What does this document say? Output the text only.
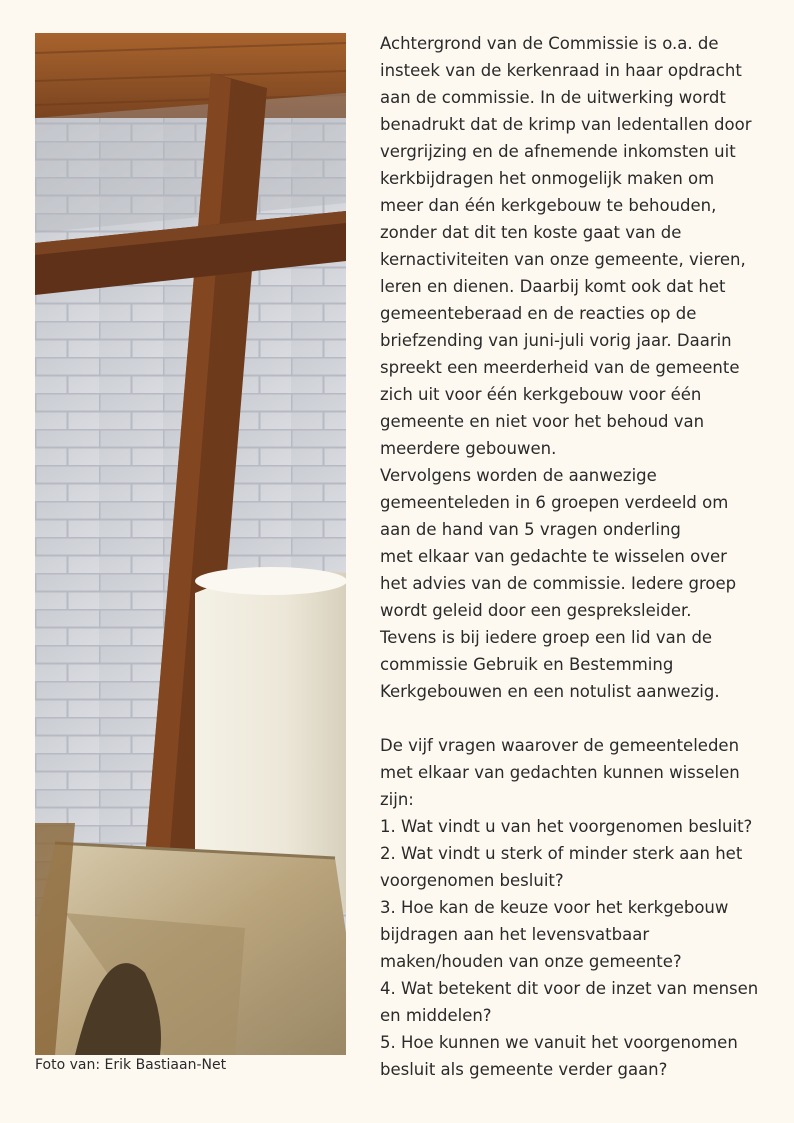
Foto van: Erik Bastiaan-Net

Achtergrond van de Commissie is o.a. de

insteek van de kerkenraad in haar opdracht

aan de commissie. In de uitwerking wordt

benadrukt dat de krimp van ledentallen door

vergrijzing en de afnemende inkomsten uit

kerkbijdragen het onmogelijk maken om

meer dan één kerkgebouw te behouden,

zonder dat dit ten koste gaat van de

kernactiviteiten van onze gemeente, vieren,

leren en dienen. Daarbij komt ook dat het

gemeenteberaad en de reacties op de

briefzending van juni-juli vorig jaar. Daarin

spreekt een meerderheid van de gemeente

zich uit voor één kerkgebouw voor één

gemeente en niet voor het behoud van

meerdere gebouwen.

Vervolgens worden de aanwezige

gemeenteleden in 6 groepen verdeeld om

aan de hand van 5 vragen onderling

met elkaar van gedachte te wisselen over

het advies van de commissie. Iedere groep

wordt geleid door een gespreksleider.

Tevens is bij iedere groep een lid van de

commissie Gebruik en Bestemming

Kerkgebouwen en een notulist aanwezig.

De vijf vragen waarover de gemeenteleden

met elkaar van gedachten kunnen wisselen

zijn:

1. Wat vindt u van het voorgenomen besluit?

2. Wat vindt u sterk of minder sterk aan het

voorgenomen besluit?

3. Hoe kan de keuze voor het kerkgebouw

bijdragen aan het levensvatbaar

maken/houden van onze gemeente?

4. Wat betekent dit voor de inzet van mensen

en middelen?

5. Hoe kunnen we vanuit het voorgenomen

besluit als gemeente verder gaan?
